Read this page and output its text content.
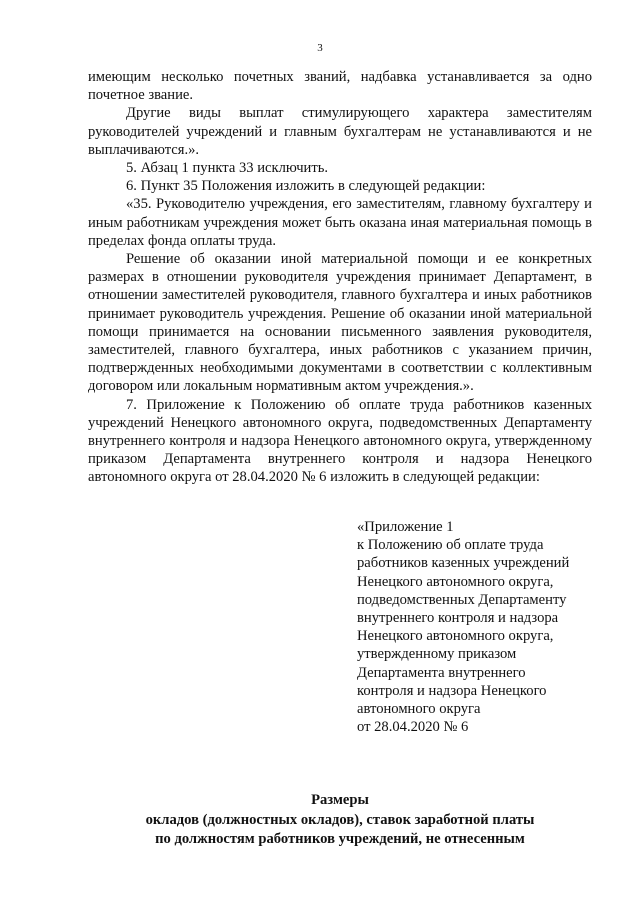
3

имеющим несколько почетных званий, надбавка устанавливается за одно почетное звание.

Другие виды выплат стимулирующего характера заместителям руководителей учреждений и главным бухгалтерам не устанавливаются и не выплачиваются.».

5. Абзац 1 пункта 33 исключить.

6. Пункт 35 Положения изложить в следующей редакции:

«35. Руководителю учреждения, его заместителям, главному бухгалтеру и иным работникам учреждения может быть оказана иная материальная помощь в пределах фонда оплаты труда.

Решение об оказании иной материальной помощи и ее конкретных размерах в отношении руководителя учреждения принимает Департамент, в отношении заместителей руководителя, главного бухгалтера и иных работников принимает руководитель учреждения. Решение об оказании иной материальной помощи принимается на основании письменного заявления руководителя, заместителей, главного бухгалтера, иных работников с указанием причин, подтвержденных необходимыми документами в соответствии с коллективным договором или локальным нормативным актом учреждения.».

7. Приложение к Положению об оплате труда работников казенных учреждений Ненецкого автономного округа, подведомственных Департаменту внутреннего контроля и надзора Ненецкого автономного округа, утвержденному приказом Департамента внутреннего контроля и надзора Ненецкого автономного округа от 28.04.2020 № 6 изложить в следующей редакции:

«Приложение 1
к Положению об оплате труда
работников казенных учреждений
Ненецкого автономного округа,
подведомственных Департаменту
внутреннего контроля и надзора
Ненецкого автономного округа,
утвержденному приказом
Департамента внутреннего
контроля и надзора Ненецкого
автономного округа
от 28.04.2020 № 6
Размеры
окладов (должностных окладов), ставок заработной платы
по должностям работников учреждений, не отнесенным
